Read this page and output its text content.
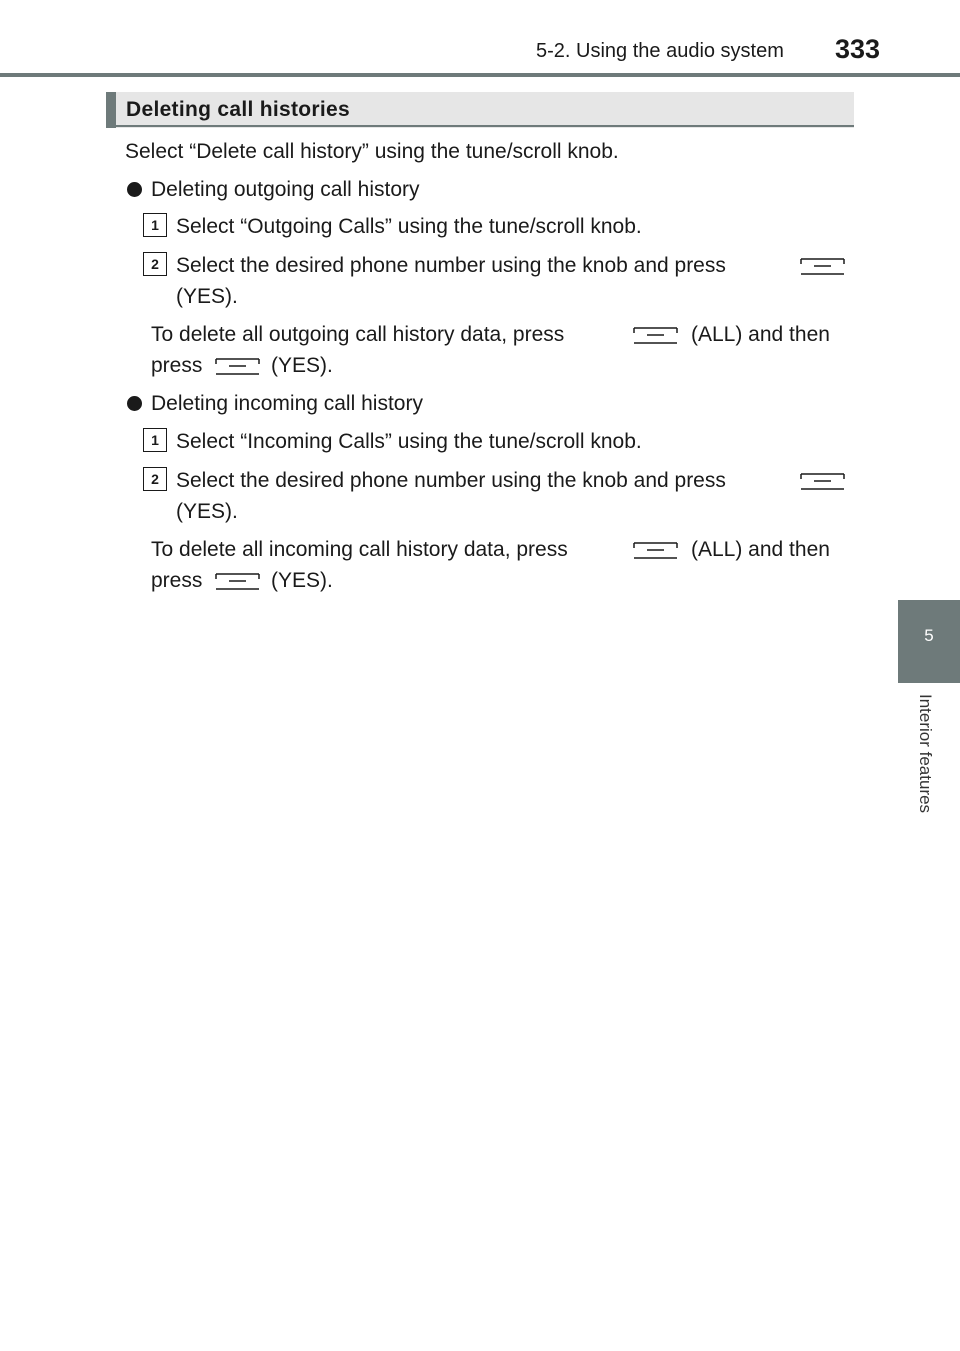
5-2. Using the audio system 333
5
Interior features
Deleting call histories
Select “Delete call history” using the tune/scroll knob.
Deleting outgoing call history
1 Select “Outgoing Calls” using the tune/scroll knob.
2 Select the desired phone number using the knob and press
(YES).
To delete all outgoing call history data, press	(ALL) and then
press	(YES).
Deleting incoming call history
1 Select “Incoming Calls” using the tune/scroll knob.
2 Select the desired phone number using the knob and press
(YES).
To delete all incoming call history data, press	(ALL) and then
press	(YES).
